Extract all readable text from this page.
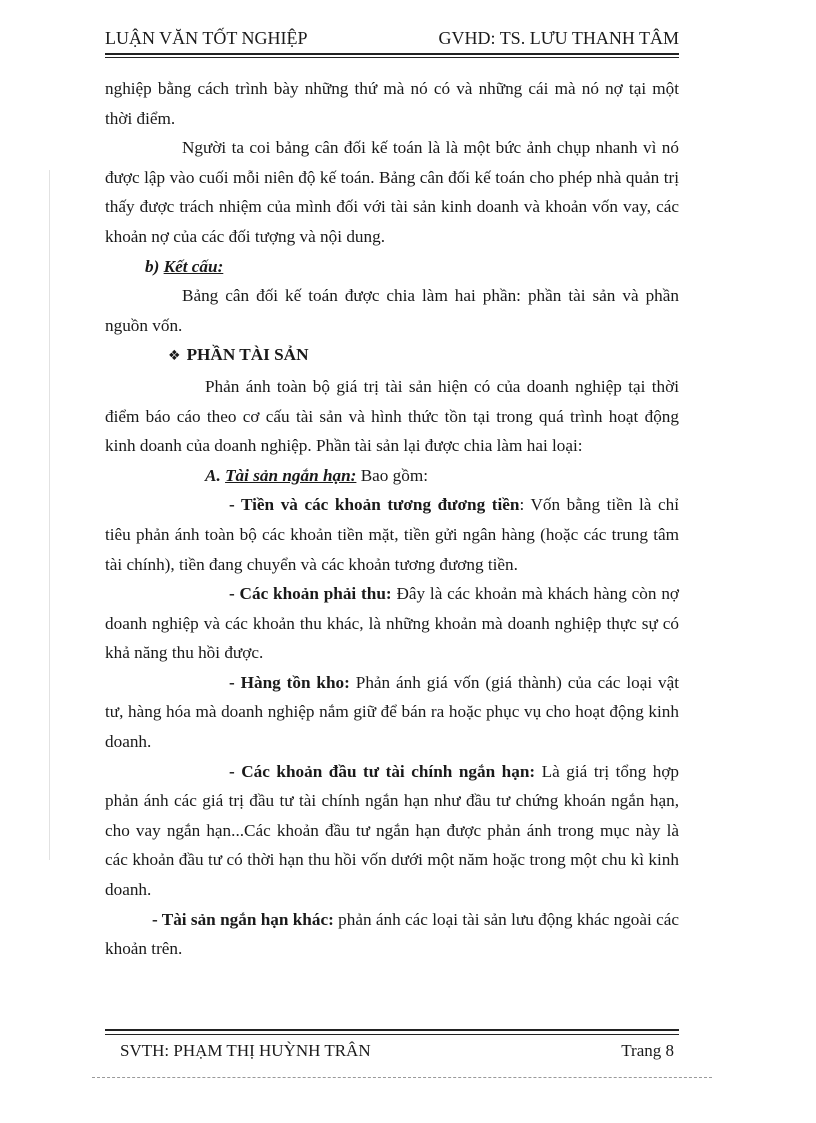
LUẬN VĂN TỐT NGHIỆP	GVHD: TS. LƯU THANH TÂM

nghiệp bằng cách trình bày những thứ mà nó có và những cái mà nó nợ tại một thời điểm.

Người ta coi bảng cân đối kế toán là là một bức ảnh chụp nhanh vì nó được lập vào cuối mỗi niên độ kế toán. Bảng cân đối kế toán cho phép nhà quản trị thấy được trách nhiệm của mình đối với tài sản kinh doanh và khoản vốn vay, các khoản nợ của các đối tượng và nội dung.

b) Kết cấu:

Bảng cân đối kế toán được chia làm hai phần: phần tài sản và phần nguồn vốn.

❖ PHẦN TÀI SẢN

Phản ánh toàn bộ giá trị tài sản hiện có của doanh nghiệp tại thời điểm báo cáo theo cơ cấu tài sản và hình thức tồn tại trong quá trình hoạt động kinh doanh của doanh nghiệp. Phần tài sản lại được chia làm hai loại:

A. Tài sản ngắn hạn: Bao gồm:

- Tiền và các khoản tương đương tiền: Vốn bằng tiền là chỉ tiêu phản ánh toàn bộ các khoản tiền mặt, tiền gửi ngân hàng (hoặc các trung tâm tài chính), tiền đang chuyển và các khoản tương đương tiền.

- Các khoản phải thu: Đây là các khoản mà khách hàng còn nợ doanh nghiệp và các khoản thu khác, là những khoản mà doanh nghiệp thực sự có khả năng thu hồi được.

- Hàng tồn kho: Phản ánh giá vốn (giá thành) của các loại vật tư, hàng hóa mà doanh nghiệp nắm giữ để bán ra hoặc phục vụ cho hoạt động kinh doanh.

- Các khoản đầu tư tài chính ngắn hạn: Là giá trị tổng hợp phản ánh các giá trị đầu tư tài chính ngắn hạn như đầu tư chứng khoán ngắn hạn, cho vay ngắn hạn...Các khoản đầu tư ngắn hạn được phản ánh trong mục này là các khoản đầu tư có thời hạn thu hồi vốn dưới một năm hoặc trong một chu kì kinh doanh.

- Tài sản ngắn hạn khác: phản ánh các loại tài sản lưu động khác ngoài các khoản trên.

SVTH: PHẠM THỊ HUỲNH TRÂN	Trang 8
